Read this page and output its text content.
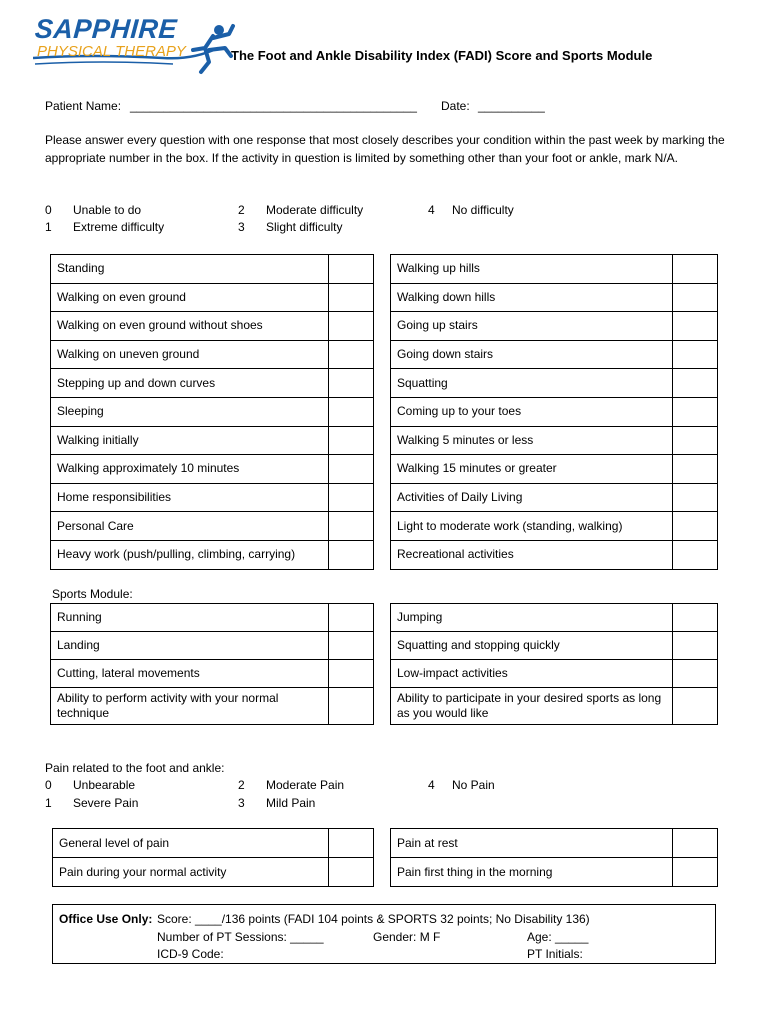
SAPPHIRE
PHYSICAL THERAPY	The Foot and Ankle Disability Index (FADI) Score and Sports Module
Patient Name: ___________________________________________ Date: __________
Please answer every question with one response that most closely describes your condition within the past week by marking the appropriate number in the box. If the activity in question is limited by something other than your foot or ankle, mark N/A.
0 Unable to do
1 Extreme difficulty
2 Moderate difficulty
3 Slight difficulty
4 No difficulty
Standing	
Walking on even ground	
Walking on even ground without shoes	
Walking on uneven ground	
Stepping up and down curves	
Sleeping	
Walking initially	
Walking approximately 10 minutes	
Home responsibilities	
Personal Care	
Heavy work (push/pulling, climbing, carrying)	
Walking up hills	
Walking down hills	
Going up stairs	
Going down stairs	
Squatting	
Coming up to your toes	
Walking 5 minutes or less	
Walking 15 minutes or greater	
Activities of Daily Living	
Light to moderate work (standing, walking)	
Recreational activities	
Sports Module:
Running	
Landing	
Cutting, lateral movements	
Ability to perform activity with your normal technique	
Jumping	
Squatting and stopping quickly	
Low-impact activities	
Ability to participate in your desired sports as long as you would like	
Pain related to the foot and ankle:
0 Unbearable
1 Severe Pain
2 Moderate Pain
3 Mild Pain
4 No Pain
General level of pain	
Pain during your normal activity	
Pain at rest	
Pain first thing in the morning	
Office Use Only: Score: ____/136 points (FADI 104 points & SPORTS 32 points; No Disability 136)
Number of PT Sessions: _____	Gender: M F	Age: _____
ICD-9 Code:	PT Initials:
